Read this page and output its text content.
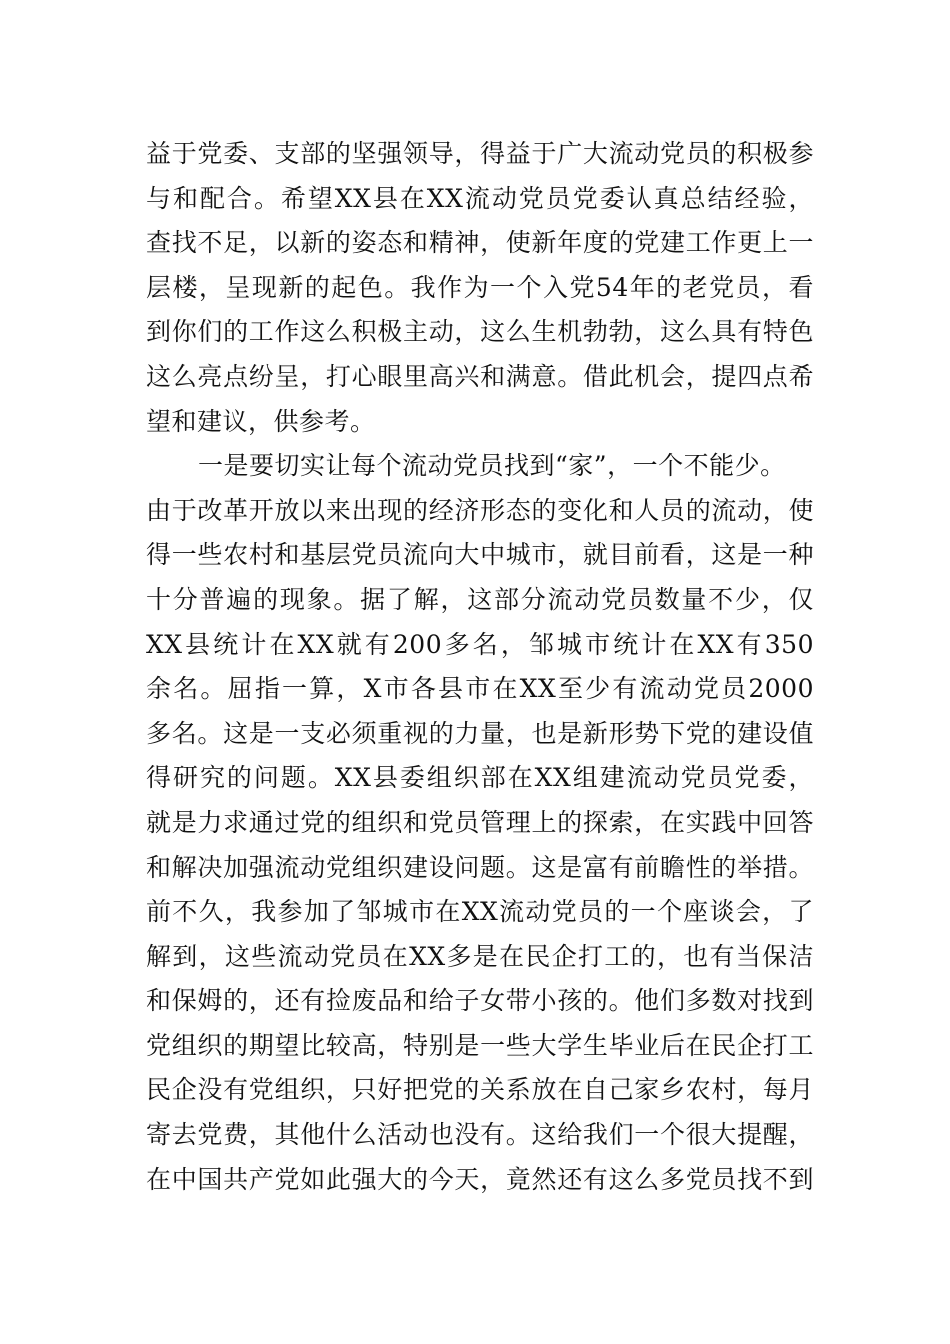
益于党委、支部的坚强领导，得益于广大流动党员的积极参
与和配合。希望XX县在XX流动党员党委认真总结经验，
查找不足，以新的姿态和精神，使新年度的党建工作更上一
层楼，呈现新的起色。我作为一个入党54年的老党员，看
到你们的工作这么积极主动，这么生机勃勃，这么具有特色
这么亮点纷呈，打心眼里高兴和满意。借此机会，提四点希
望和建议，供参考。
一是要切实让每个流动党员找到“家”，一个不能少。
由于改革开放以来出现的经济形态的变化和人员的流动，使
得一些农村和基层党员流向大中城市，就目前看，这是一种
十分普遍的现象。据了解，这部分流动党员数量不少，仅
XX县统计在XX就有200多名，邹城市统计在XX有350
余名。屈指一算，X市各县市在XX至少有流动党员2000
多名。这是一支必须重视的力量，也是新形势下党的建设值
得研究的问题。XX县委组织部在XX组建流动党员党委，
就是力求通过党的组织和党员管理上的探索，在实践中回答
和解决加强流动党组织建设问题。这是富有前瞻性的举措。
前不久，我参加了邹城市在XX流动党员的一个座谈会，了
解到，这些流动党员在XX多是在民企打工的，也有当保洁
和保姆的，还有捡废品和给子女带小孩的。他们多数对找到
党组织的期望比较高，特别是一些大学生毕业后在民企打工
民企没有党组织，只好把党的关系放在自己家乡农村，每月
寄去党费，其他什么活动也没有。这给我们一个很大提醒，
在中国共产党如此强大的今天，竟然还有这么多党员找不到
